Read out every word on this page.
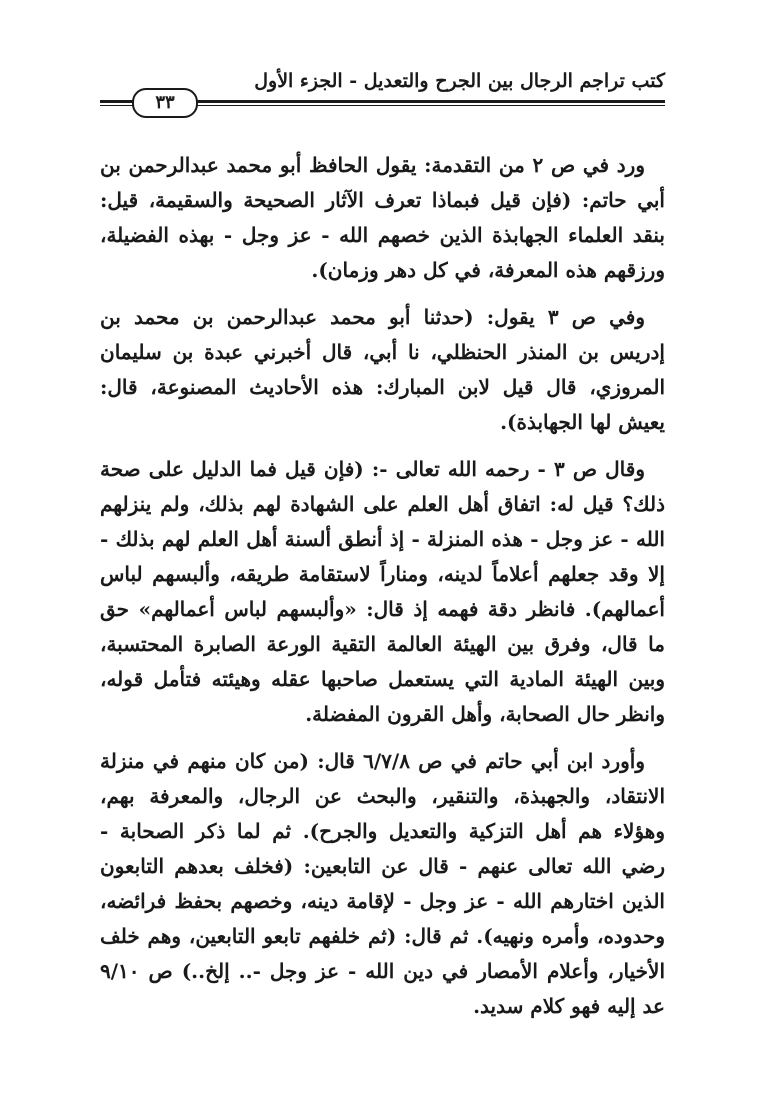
كتب تراجم الرجال بين الجرح والتعديل - الجزء الأول
٣٣

ورد في ص ٢ من التقدمة: يقول الحافظ أبو محمد عبدالرحمن بن أبي حاتم: (فإن قيل فبماذا تعرف الآثار الصحيحة والسقيمة، قيل: بنقد العلماء الجهابذة الذين خصهم الله - عز وجل - بهذه الفضيلة، ورزقهم هذه المعرفة، في كل دهر وزمان).

وفي ص ٣ يقول: (حدثنا أبو محمد عبدالرحمن بن محمد بن إدريس بن المنذر الحنظلي، نا أبي، قال أخبرني عبدة بن سليمان المروزي، قال قيل لابن المبارك: هذه الأحاديث المصنوعة، قال: يعيش لها الجهابذة).

وقال ص ٣ - رحمه الله تعالى -: (فإن قيل فما الدليل على صحة ذلك؟ قيل له: اتفاق أهل العلم على الشهادة لهم بذلك، ولم ينزلهم الله - عز وجل - هذه المنزلة - إذ أنطق ألسنة أهل العلم لهم بذلك - إلا وقد جعلهم أعلاماً لدينه، ومناراً لاستقامة طريقه، وألبسهم لباس أعمالهم). فانظر دقة فهمه إذ قال: «وألبسهم لباس أعمالهم» حق ما قال، وفرق بين الهيئة العالمة التقية الورعة الصابرة المحتسبة، وبين الهيئة المادية التي يستعمل صاحبها عقله وهيئته فتأمل قوله، وانظر حال الصحابة، وأهل القرون المفضلة.

وأورد ابن أبي حاتم في ص ٦/٧/٨ قال: (من كان منهم في منزلة الانتقاد، والجهبذة، والتنقير، والبحث عن الرجال، والمعرفة بهم، وهؤلاء هم أهل التزكية والتعديل والجرح). ثم لما ذكر الصحابة - رضي الله تعالى عنهم - قال عن التابعين: (فخلف بعدهم التابعون الذين اختارهم الله - عز وجل - لإقامة دينه، وخصهم بحفظ فرائضه، وحدوده، وأمره ونهيه). ثم قال: (ثم خلفهم تابعو التابعين، وهم خلف الأخيار، وأعلام الأمصار في دين الله - عز وجل -.. إلخ..) ص ٩/١٠ عد إليه فهو كلام سديد.
